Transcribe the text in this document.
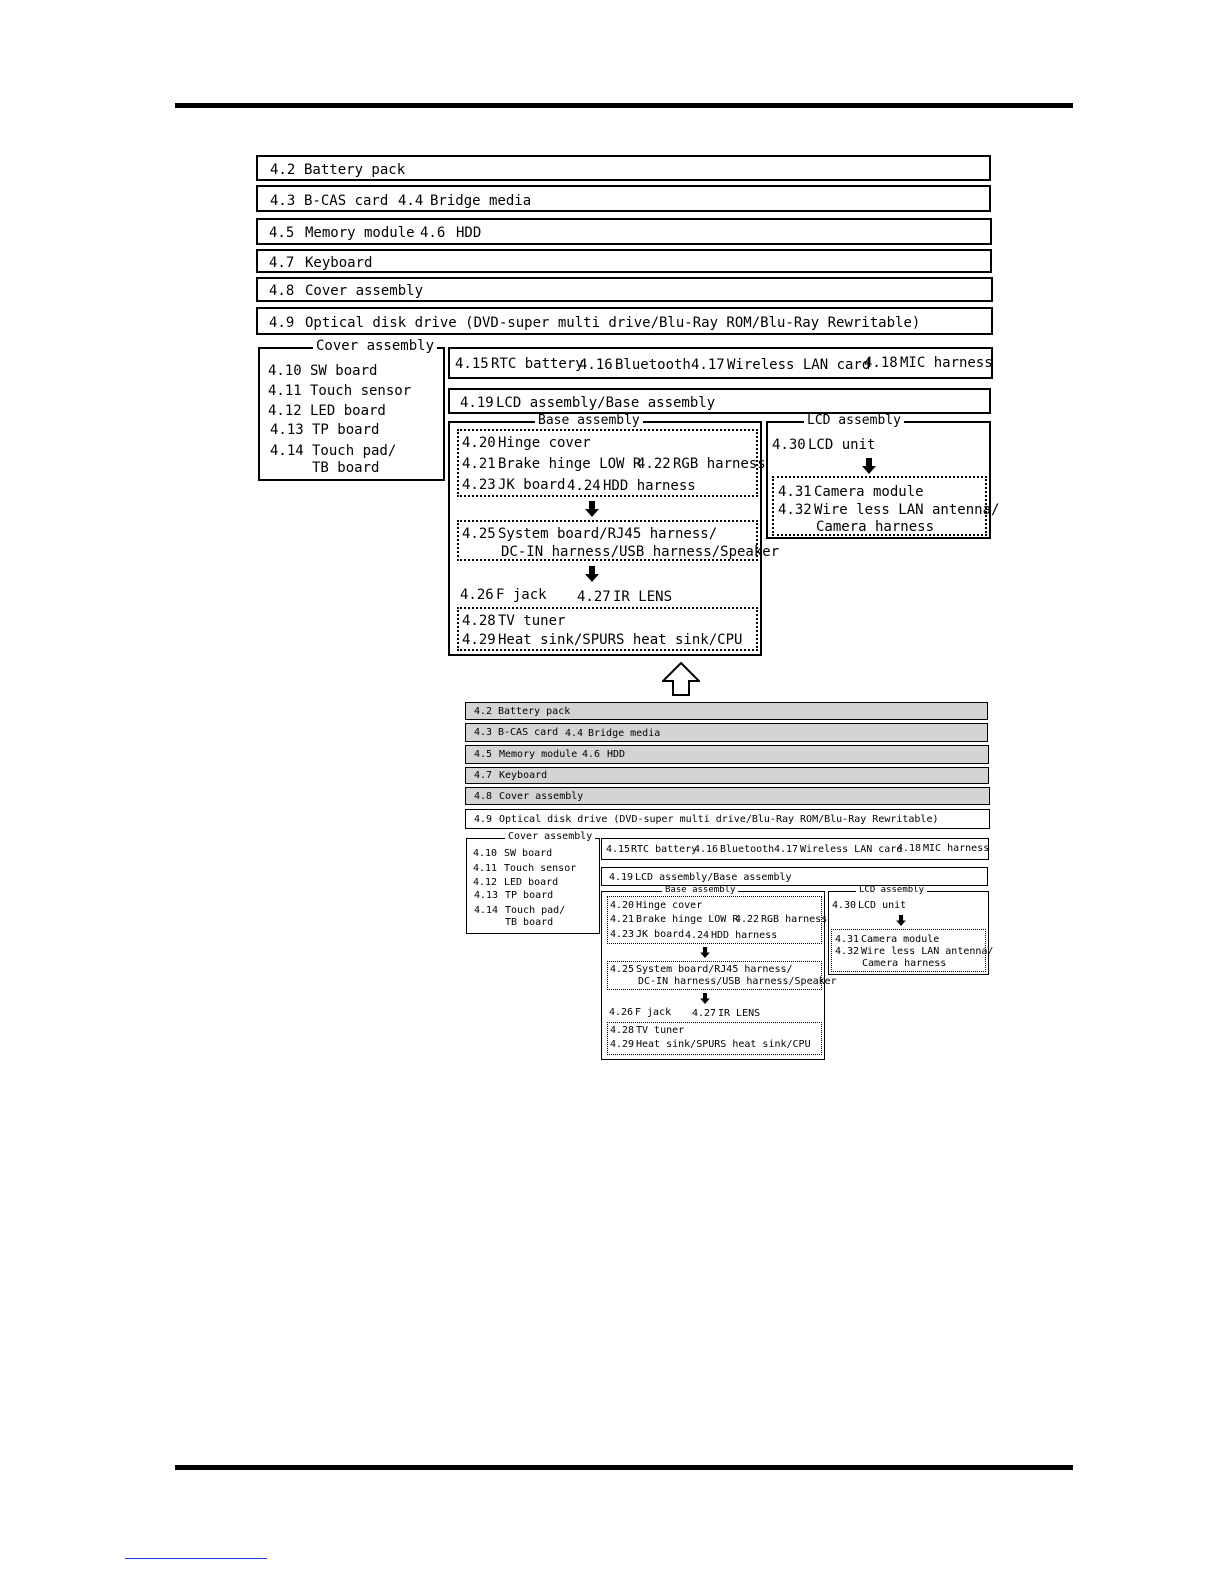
4.2 Battery pack
4.3 B-CAS card 4.4 Bridge media
4.5 Memory module 4.6 HDD
4.7 Keyboard
4.8 Cover assembly
4.9 Optical disk drive (DVD-super multi drive/Blu-Ray ROM/Blu-Ray Rewritable)
4.10 SW board
4.11 Touch sensor
4.12 LED board
4.13 TP board
4.14 Touch pad/
TB board
Cover assembly
4.15 RTC battery
4.16 Bluetooth 4.17 Wireless LAN card
4.18 MIC harness
4.19 LCD assembly/Base assembly
4.20 Hinge cover
4.21 Brake hinge LOW R
4.22 RGB harness
4.23 JK board 4.24 HDD harness
4.25 System board/RJ45 harness/
DC-IN harness/USB harness/Speaker
4.26 F jack 4.27 IR LENS
4.28 TV tuner
4.29 Heat sink/SPURS heat sink/CPU
Base assembly
4.30 LCD unit
4.31 Camera module
4.32 Wire less LAN antenna/
Camera harness
LCD assembly
4.2 Battery pack
4.3 B-CAS card 4.4 Bridge media
4.5 Memory module 4.6 HDD
4.7 Keyboard
4.8 Cover assembly
4.9 Optical disk drive (DVD-super multi drive/Blu-Ray ROM/Blu-Ray Rewritable)
4.10 SW board
4.11 Touch sensor
4.12 LED board
4.13 TP board
4.14 Touch pad/
TB board
Cover assembly
4.15 RTC battery
4.16 Bluetooth 4.17 Wireless LAN card
4.18 MIC harness
4.19 LCD assembly/Base assembly
4.20 Hinge cover
4.21 Brake hinge LOW R
4.22 RGB harness
4.23 JK board 4.24 HDD harness
4.25 System board/RJ45 harness/
DC-IN harness/USB harness/Speaker
4.26 F jack 4.27 IR LENS
4.28 TV tuner
4.29 Heat sink/SPURS heat sink/CPU
Base assembly
4.30 LCD unit
4.31 Camera module
4.32 Wire less LAN antenna/
Camera harness
LCD assembly
